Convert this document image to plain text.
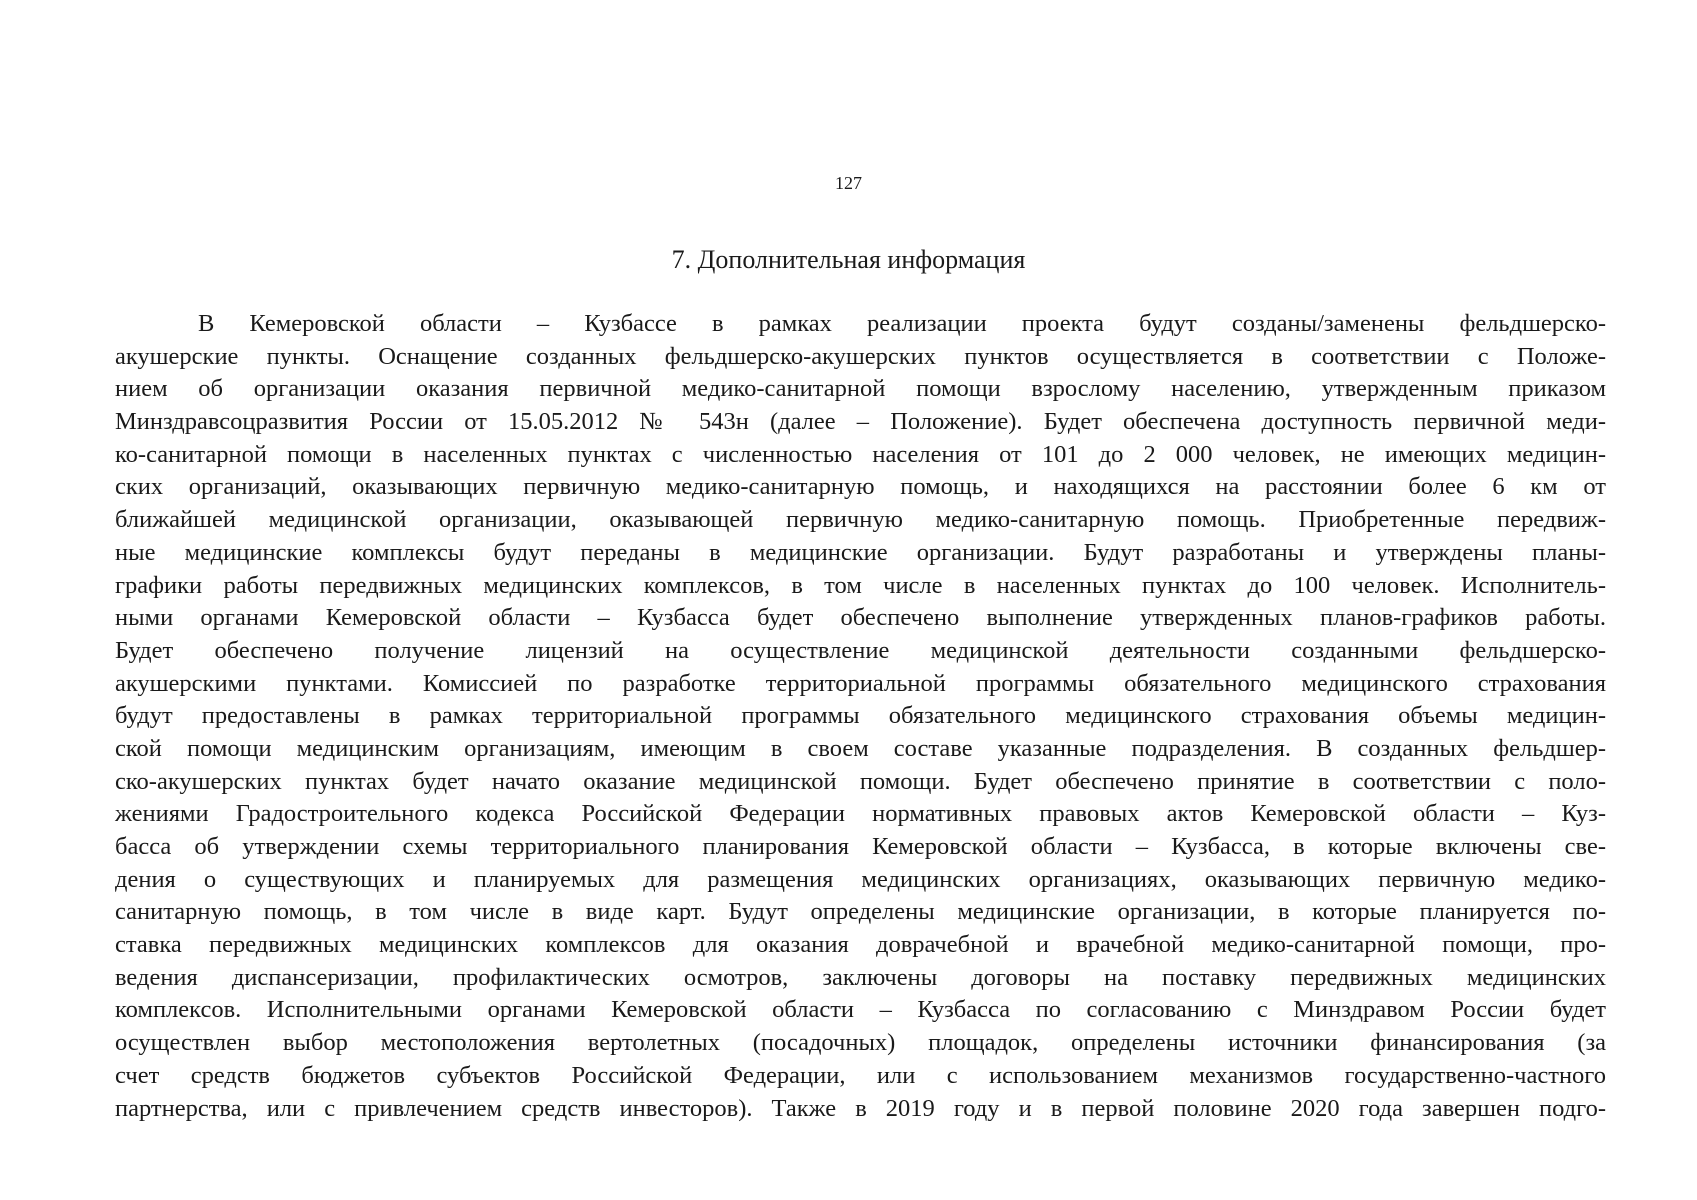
127
7. Дополнительная информация
В Кемеровской области – Кузбассе в рамках реализации проекта будут созданы/заменены фельдшерско-
акушерские пункты. Оснащение созданных фельдшерско-акушерских пунктов осуществляется в соответствии с Положе-
нием об организации оказания первичной медико-санитарной помощи взрослому населению, утвержденным приказом
Минздравсоцразвития России от 15.05.2012 № 543н (далее – Положение). Будет обеспечена доступность первичной меди-
ко-санитарной помощи в населенных пунктах с численностью населения от 101 до 2 000 человек, не имеющих медицин-
ских организаций, оказывающих первичную медико-санитарную помощь, и находящихся на расстоянии более 6 км от
ближайшей медицинской организации, оказывающей первичную медико-санитарную помощь. Приобретенные передвиж-
ные медицинские комплексы будут переданы в медицинские организации. Будут разработаны и утверждены планы-
графики работы передвижных медицинских комплексов, в том числе в населенных пунктах до 100 человек. Исполнитель-
ными органами Кемеровской области – Кузбасса будет обеспечено выполнение утвержденных планов-графиков работы.
Будет обеспечено получение лицензий на осуществление медицинской деятельности созданными фельдшерско-
акушерскими пунктами. Комиссией по разработке территориальной программы обязательного медицинского страхования
будут предоставлены в рамках территориальной программы обязательного медицинского страхования объемы медицин-
ской помощи медицинским организациям, имеющим в своем составе указанные подразделения. В созданных фельдшер-
ско-акушерских пунктах будет начато оказание медицинской помощи. Будет обеспечено принятие в соответствии с поло-
жениями Градостроительного кодекса Российской Федерации нормативных правовых актов Кемеровской области – Куз-
басса об утверждении схемы территориального планирования Кемеровской области – Кузбасса, в которые включены све-
дения о существующих и планируемых для размещения медицинских организациях, оказывающих первичную медико-
санитарную помощь, в том числе в виде карт. Будут определены медицинские организации, в которые планируется по-
ставка передвижных медицинских комплексов для оказания доврачебной и врачебной медико-санитарной помощи, про-
ведения диспансеризации, профилактических осмотров, заключены договоры на поставку передвижных медицинских
комплексов. Исполнительными органами Кемеровской области – Кузбасса по согласованию с Минздравом России будет
осуществлен выбор местоположения вертолетных (посадочных) площадок, определены источники финансирования (за
счет средств бюджетов субъектов Российской Федерации, или с использованием механизмов государственно-частного
партнерства, или с привлечением средств инвесторов). Также в 2019 году и в первой половине 2020 года завершен подго-
